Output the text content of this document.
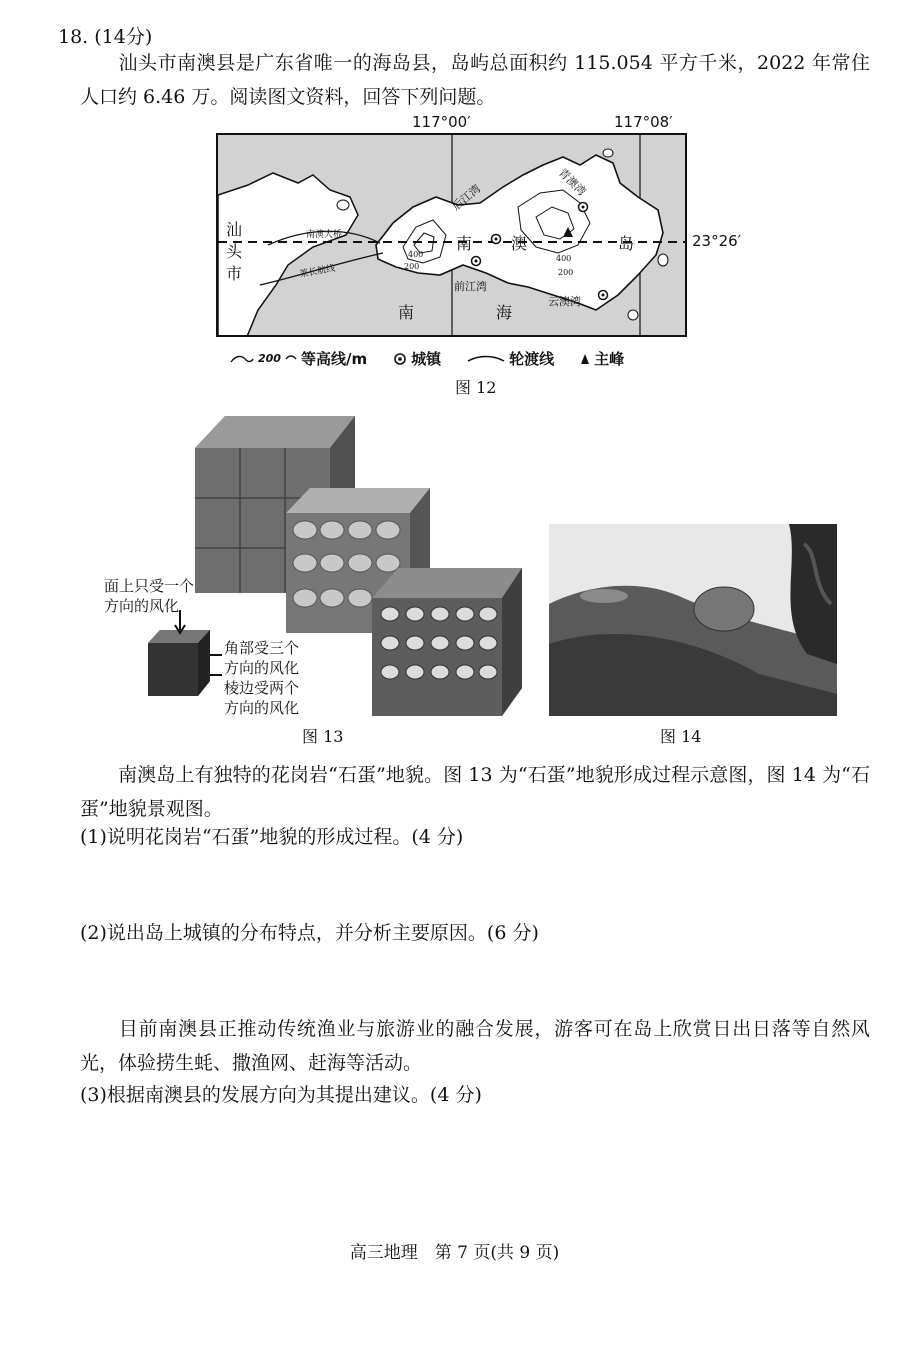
18. (14分)
汕头市南澳县是广东省唯一的海岛县，岛屿总面积约 115.054 平方千米，2022 年常住人口约 6.46 万。阅读图文资料，回答下列问题。
117°00′	117°08′
23°26′
汕
头
市
南澳大桥
莱长航线
后江湾	青澳湾
前江湾
云澳湾
南 澳	岛
南	海
400
200
400
200
200 等高线/m	城镇	轮渡线	主峰
图 12
面上只受一个
方向的风化
角部受三个
方向的风化
棱边受两个
方向的风化
图 13	图 14
南澳岛上有独特的花岗岩“石蛋”地貌。图 13 为“石蛋”地貌形成过程示意图，图 14 为“石蛋”地貌景观图。
(1)说明花岗岩“石蛋”地貌的形成过程。(4 分)
(2)说出岛上城镇的分布特点，并分析主要原因。(6 分)
目前南澳县正推动传统渔业与旅游业的融合发展，游客可在岛上欣赏日出日落等自然风光，体验捞生蚝、撒渔网、赶海等活动。
(3)根据南澳县的发展方向为其提出建议。(4 分)
高三地理　第 7 页(共 9 页)
